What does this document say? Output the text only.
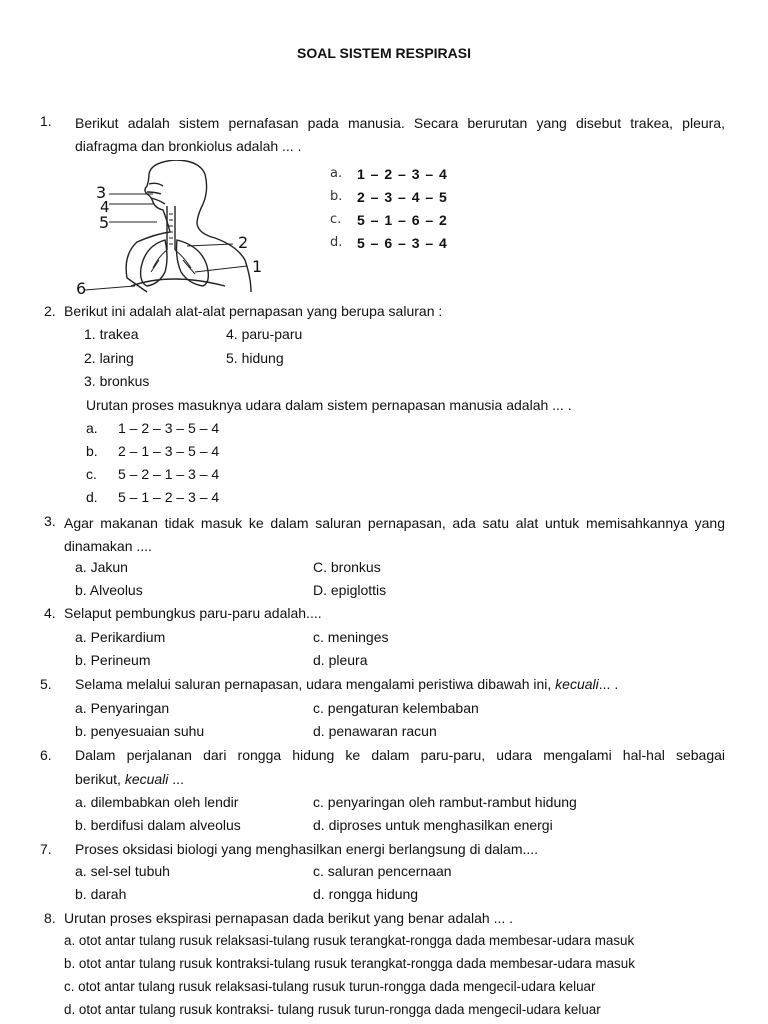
SOAL SISTEM RESPIRASI
1. Berikut adalah sistem pernafasan pada manusia. Secara berurutan yang disebut trakea, pleura, diafragma dan bronkiolus adalah ... .
3
4
5
2
1
6
a. 1 – 2 – 3 – 4
b. 2 – 3 – 4 – 5
c. 5 – 1 – 6 – 2
d. 5 – 6 – 3 – 4
2. Berikut ini adalah alat-alat pernapasan yang berupa saluran :
1. trakea	4. paru-paru
2. laring	5. hidung
3. bronkus
Urutan proses masuknya udara dalam sistem pernapasan manusia adalah ... .
a. 1 – 2 – 3 – 5 – 4
b. 2 – 1 – 3 – 5 – 4
c. 5 – 2 – 1 – 3 – 4
d. 5 – 1 – 2 – 3 – 4
3. Agar makanan tidak masuk ke dalam saluran pernapasan, ada satu alat untuk memisahkannya yang dinamakan ....
a. Jakun	C. bronkus
b. Alveolus	D. epiglottis
4. Selaput pembungkus paru-paru adalah....
a. Perikardium	c. meninges
b. Perineum	d. pleura
5. Selama melalui saluran pernapasan, udara mengalami peristiwa dibawah ini, kecuali... .
a. Penyaringan	c. pengaturan kelembaban
b. penyesuaian suhu	d. penawaran racun
6. Dalam perjalanan dari rongga hidung ke dalam paru-paru, udara mengalami hal-hal sebagai
berikut, kecuali ...
a. dilembabkan oleh lendir	c. penyaringan oleh rambut-rambut hidung
b. berdifusi dalam alveolus	d. diproses untuk menghasilkan energi
7. Proses oksidasi biologi yang menghasilkan energi berlangsung di dalam....
a. sel-sel tubuh	c. saluran pencernaan
b. darah	d. rongga hidung
8. Urutan proses ekspirasi pernapasan dada berikut yang benar adalah ... .
a. otot antar tulang rusuk relaksasi-tulang rusuk terangkat-rongga dada membesar-udara masuk
b. otot antar tulang rusuk kontraksi-tulang rusuk terangkat-rongga dada membesar-udara masuk
c. otot antar tulang rusuk relaksasi-tulang rusuk turun-rongga dada mengecil-udara keluar
d. otot antar tulang rusuk kontraksi- tulang rusuk turun-rongga dada mengecil-udara keluar
